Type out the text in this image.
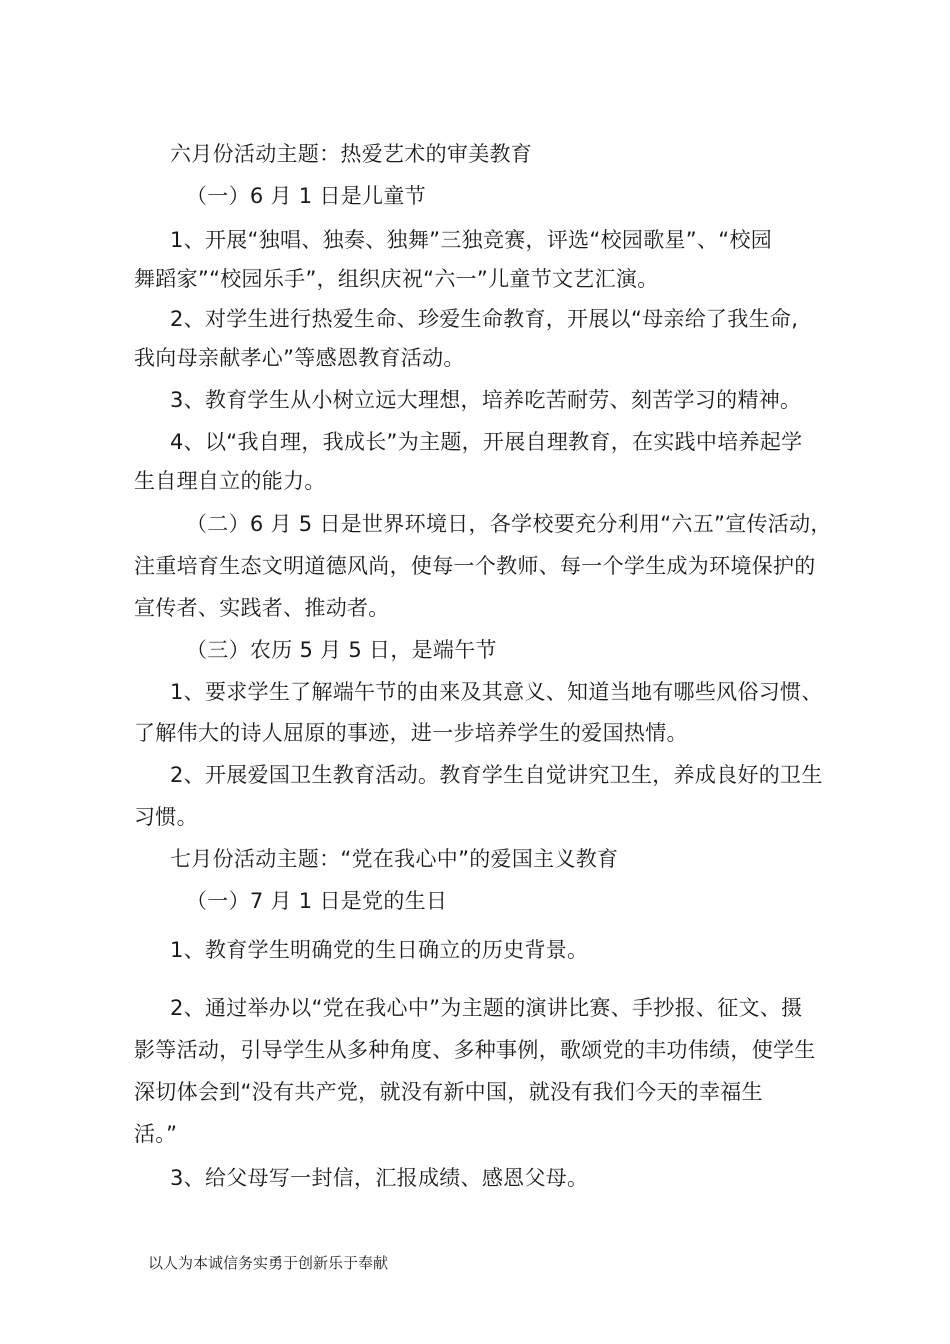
六月份活动主题：热爱艺术的审美教育
（一）6 月 1 日是儿童节
1、开展“独唱、独奏、独舞”三独竞赛，评选“校园歌星”、“校园
舞蹈家”“校园乐手”，组织庆祝“六一”儿童节文艺汇演。
2、对学生进行热爱生命、珍爱生命教育，开展以“母亲给了我生命,
我向母亲献孝心”等感恩教育活动。
3、教育学生从小树立远大理想，培养吃苦耐劳、刻苦学习的精神。
4、以“我自理，我成长”为主题，开展自理教育，在实践中培养起学
生自理自立的能力。
（二）6 月 5 日是世界环境日，各学校要充分利用“六五”宣传活动，
注重培育生态文明道德风尚，使每一个教师、每一个学生成为环境保护的
宣传者、实践者、推动者。
（三）农历 5 月 5 日，是端午节
1、要求学生了解端午节的由来及其意义、知道当地有哪些风俗习惯、
了解伟大的诗人屈原的事迹，进一步培养学生的爱国热情。
2、开展爱国卫生教育活动。教育学生自觉讲究卫生，养成良好的卫生
习惯。
七月份活动主题：“党在我心中”的爱国主义教育
（一）7 月 1 日是党的生日
1、教育学生明确党的生日确立的历史背景。
2、通过举办以“党在我心中”为主题的演讲比赛、手抄报、征文、摄
影等活动，引导学生从多种角度、多种事例，歌颂党的丰功伟绩，使学生
深切体会到“没有共产党，就没有新中国，就没有我们今天的幸福生
活。”
3、给父母写一封信，汇报成绩、感恩父母。
以人为本诚信务实勇于创新乐于奉献
